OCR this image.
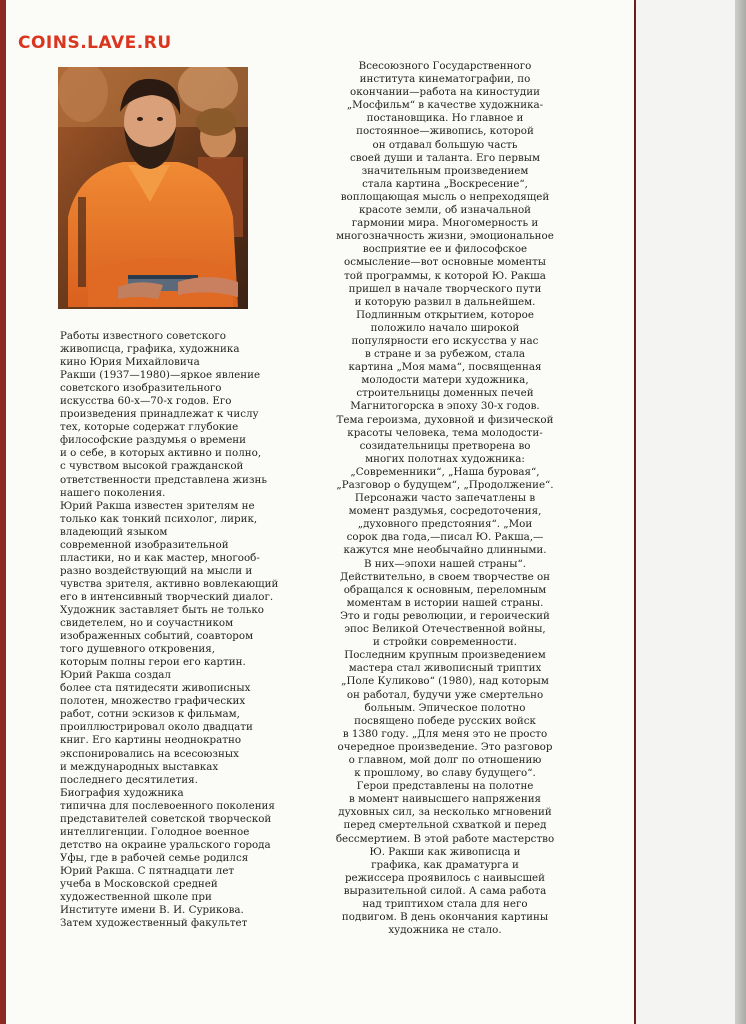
COINS.LAVE.RU
Работы известного советского
живописца, графика, художника
кино Юрия Михайловича
Ракши (1937—1980)—яркое явление
советского изобразительного
искусства 60-х—70-х годов. Его
произведения принадлежат к числу
тех, которые содержат глубокие
философские раздумья о времени
и о себе, в которых активно и полно,
с чувством высокой гражданской
ответственности представлена жизнь
нашего поколения.
Юрий Ракша известен зрителям не
только как тонкий психолог, лирик,
владеющий языком
современной изобразительной
пластики, но и как мастер, многооб-
разно воздействующий на мысли и
чувства зрителя, активно вовлекающий
его в интенсивный творческий диалог.
Художник заставляет быть не только
свидетелем, но и соучастником
изображенных событий, соавтором
того душевного откровения,
которым полны герои его картин.
Юрий Ракша создал
более ста пятидесяти живописных
полотен, множество графических
работ, сотни эскизов к фильмам,
проиллюстрировал около двадцати
книг. Его картины неоднократно
экспонировались на всесоюзных
и международных выставках
последнего десятилетия.
Биография художника
типична для послевоенного поколения
представителей советской творческой
интеллигенции. Голодное военное
детство на окраине уральского города
Уфы, где в рабочей семье родился
Юрий Ракша. С пятнадцати лет
учеба в Московской средней
художественной школе при
Институте имени В. И. Сурикова.
Затем художественный факультет
Всесоюзного Государственного
института кинематографии, по
окончании—работа на киностудии
„Мосфильм“ в качестве художника-
постановщика. Но главное и
постоянное—живопись, которой
он отдавал большую часть
своей души и таланта. Его первым
значительным произведением
стала картина „Воскресение“,
воплощающая мысль о непреходящей
красоте земли, об изначальной
гармонии мира. Многомерность и
многозначность жизни, эмоциональное
восприятие ее и философское
осмысление—вот основные моменты
той программы, к которой Ю. Ракша
пришел в начале творческого пути
и которую развил в дальнейшем.
Подлинным открытием, которое
положило начало широкой
популярности его искусства у нас
в стране и за рубежом, стала
картина „Моя мама“, посвященная
молодости матери художника,
строительницы доменных печей
Магнитогорска в эпоху 30-х годов.
Тема героизма, духовной и физической
красоты человека, тема молодости-
созидательницы претворена во
многих полотнах художника:
„Современники“, „Наша буровая“,
„Разговор о будущем“, „Продолжение“.
Персонажи часто запечатлены в
момент раздумья, сосредоточения,
„духовного предстояния“. „Мои
сорок два года,—писал Ю. Ракша,—
кажутся мне необычайно длинными.
В них—эпохи нашей страны“.
Действительно, в своем творчестве он
обращался к основным, переломным
моментам в истории нашей страны.
Это и годы революции, и героический
эпос Великой Отечественной войны,
и стройки современности.
Последним крупным произведением
мастера стал живописный триптих
„Поле Куликово“ (1980), над которым
он работал, будучи уже смертельно
больным. Эпическое полотно
посвящено победе русских войск
в 1380 году. „Для меня это не просто
очередное произведение. Это разговор
о главном, мой долг по отношению
к прошлому, во славу будущего“.
Герои представлены на полотне
в момент наивысшего напряжения
духовных сил, за несколько мгновений
перед смертельной схваткой и перед
бессмертием. В этой работе мастерство
Ю. Ракши как живописца и
графика, как драматурга и
режиссера проявилось с наивысшей
выразительной силой. А сама работа
над триптихом стала для него
подвигом. В день окончания картины
художника не стало.
